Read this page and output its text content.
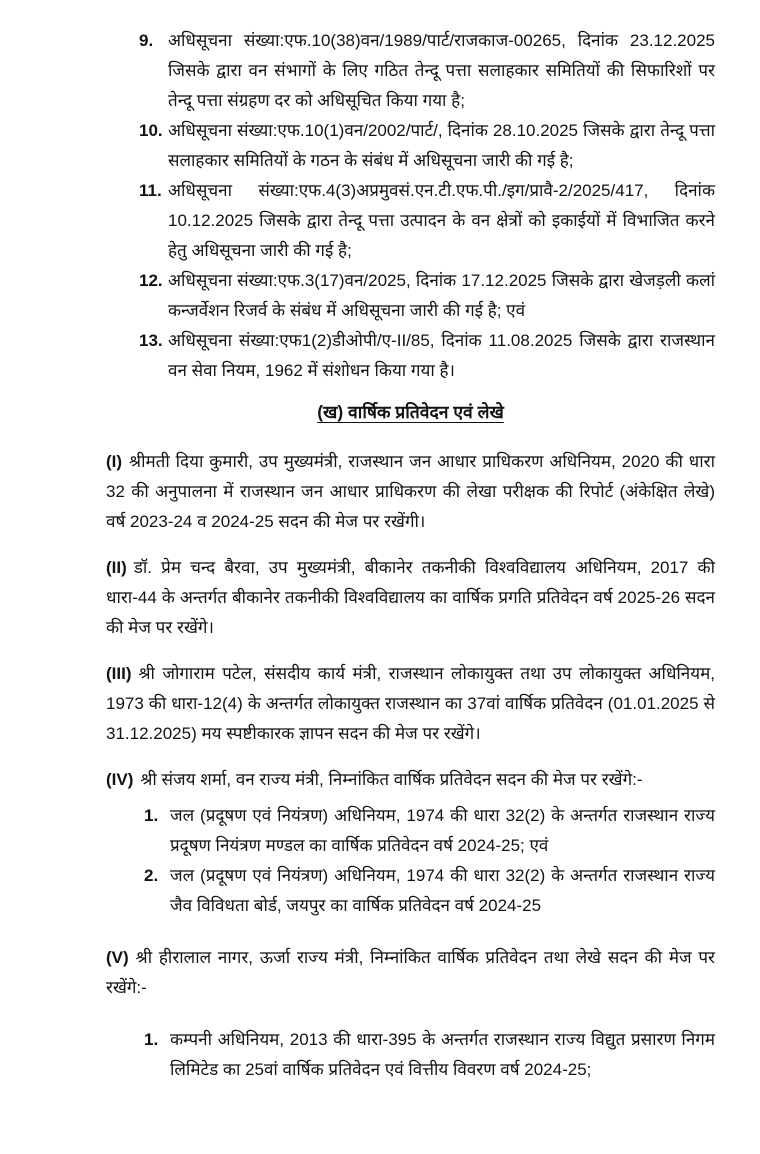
9. अधिसूचना संख्या:एफ.10(38)वन/1989/पार्ट/राजकाज-00265, दिनांक 23.12.2025 जिसके द्वारा वन संभागों के लिए गठित तेन्दू पत्ता सलाहकार समितियों की सिफारिशों पर तेन्दू पत्ता संग्रहण दर को अधिसूचित किया गया है;
10. अधिसूचना संख्या:एफ.10(1)वन/2002/पार्ट/, दिनांक 28.10.2025 जिसके द्वारा तेन्दू पत्ता सलाहकार समितियों के गठन के संबंध में अधिसूचना जारी की गई है;
11. अधिसूचना संख्या:एफ.4(3)अप्रमुवसं.एन.टी.एफ.पी./इग/प्रावै-2/2025/417, दिनांक 10.12.2025 जिसके द्वारा तेन्दू पत्ता उत्पादन के वन क्षेत्रों को इकाईयों में विभाजित करने हेतु अधिसूचना जारी की गई है;
12. अधिसूचना संख्या:एफ.3(17)वन/2025, दिनांक 17.12.2025 जिसके द्वारा खेजड़ली कलां कन्जर्वेशन रिजर्व के संबंध में अधिसूचना जारी की गई है; एवं
13. अधिसूचना संख्या:एफ1(2)डीओपी/ए-II/85, दिनांक 11.08.2025 जिसके द्वारा राजस्थान वन सेवा नियम, 1962 में संशोधन किया गया है।
(ख) वार्षिक प्रतिवेदन एवं लेखे

(I) श्रीमती दिया कुमारी, उप मुख्यमंत्री, राजस्थान जन आधार प्राधिकरण अधिनियम, 2020 की धारा 32 की अनुपालना में राजस्थान जन आधार प्राधिकरण की लेखा परीक्षक की रिपोर्ट (अंकेक्षित लेखे) वर्ष 2023-24 व 2024-25 सदन की मेज पर रखेंगी।

(II) डॉ. प्रेम चन्द बैरवा, उप मुख्यमंत्री, बीकानेर तकनीकी विश्वविद्यालय अधिनियम, 2017 की धारा-44 के अन्तर्गत बीकानेर तकनीकी विश्वविद्यालय का वार्षिक प्रगति प्रतिवेदन वर्ष 2025-26 सदन की मेज पर रखेंगे।

(III) श्री जोगाराम पटेल, संसदीय कार्य मंत्री, राजस्थान लोकायुक्त तथा उप लोकायुक्त अधिनियम, 1973 की धारा-12(4) के अन्तर्गत लोकायुक्त राजस्थान का 37वां वार्षिक प्रतिवेदन (01.01.2025 से 31.12.2025) मय स्पष्टीकारक ज्ञापन सदन की मेज पर रखेंगे।

(IV) श्री संजय शर्मा, वन राज्य मंत्री, निम्नांकित वार्षिक प्रतिवेदन सदन की मेज पर रखेंगे:-

1. जल (प्रदूषण एवं नियंत्रण) अधिनियम, 1974 की धारा 32(2) के अन्तर्गत राजस्थान राज्य प्रदूषण नियंत्रण मण्डल का वार्षिक प्रतिवेदन वर्ष 2024-25; एवं
2. जल (प्रदूषण एवं नियंत्रण) अधिनियम, 1974 की धारा 32(2) के अन्तर्गत राजस्थान राज्य जैव विविधता बोर्ड, जयपुर का वार्षिक प्रतिवेदन वर्ष 2024-25

(V) श्री हीरालाल नागर, ऊर्जा राज्य मंत्री, निम्नांकित वार्षिक प्रतिवेदन तथा लेखे सदन की मेज पर रखेंगे:-

1. कम्पनी अधिनियम, 2013 की धारा-395 के अन्तर्गत राजस्थान राज्य विद्युत प्रसारण निगम लिमिटेड का 25वां वार्षिक प्रतिवेदन एवं वित्तीय विवरण वर्ष 2024-25;
